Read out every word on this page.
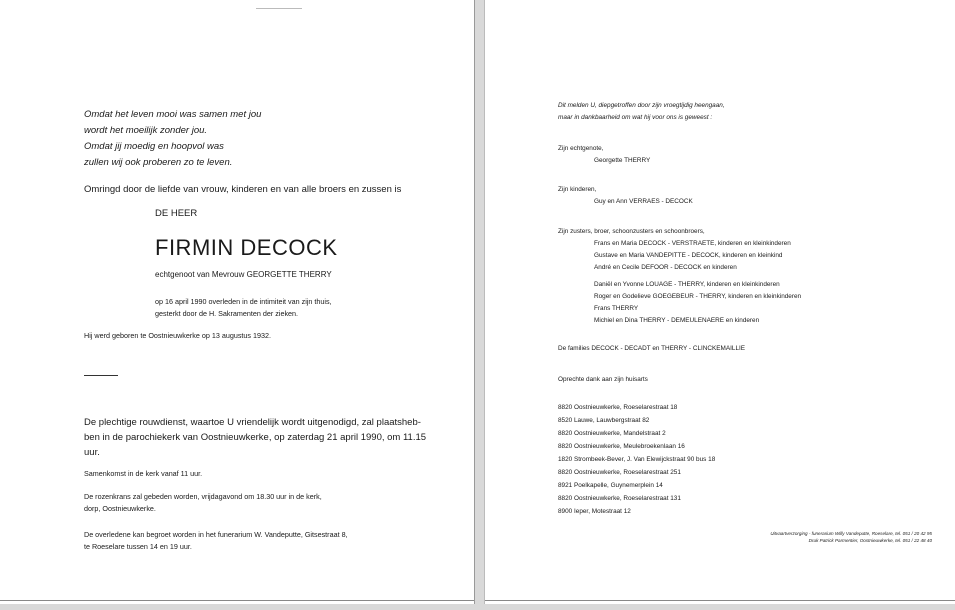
Omdat het leven mooi was samen met jou
wordt het moeilijk zonder jou.
Omdat jij moedig en hoopvol was
zullen wij ook proberen zo te leven.
Omringd door de liefde van vrouw, kinderen en van alle broers en zussen is
DE HEER
FIRMIN DECOCK
echtgenoot van Mevrouw GEORGETTE THERRY
op 16 april 1990 overleden in de intimiteit van zijn thuis,
gesterkt door de H. Sakramenten der zieken.
Hij werd geboren te Oostnieuwkerke op 13 augustus 1932.
De plechtige rouwdienst, waartoe U vriendelijk wordt uitgenodigd, zal plaatsheb-
ben in de parochiekerk van Oostnieuwkerke, op zaterdag 21 april 1990, om 11.15
uur.
Samenkomst in de kerk vanaf 11 uur.
De rozenkrans zal gebeden worden, vrijdagavond om 18.30 uur in de kerk,
dorp, Oostnieuwkerke.
De overledene kan begroet worden in het funerarium W. Vandeputte, Gitsestraat 8,
te Roeselare tussen 14 en 19 uur.
Dit melden U, diepgetroffen door zijn vroegtijdig heengaan,
maar in dankbaarheid om wat hij voor ons is geweest :
Zijn echtgenote,
Georgette THERRY
Zijn kinderen,
Guy en Ann VERRAES - DECOCK
Zijn zusters, broer, schoonzusters en schoonbroers,
Frans en Maria DECOCK - VERSTRAETE, kinderen en kleinkinderen
Gustave en Maria VANDEPITTE - DECOCK, kinderen en kleinkind
André en Cecile DEFOOR - DECOCK en kinderen
Daniël en Yvonne LOUAGE - THERRY, kinderen en kleinkinderen
Roger en Godelieve GOEGEBEUR - THERRY, kinderen en kleinkinderen
Frans THERRY
Michiel en Dina THERRY - DEMEULENAERE en kinderen
De families DECOCK - DECADT en THERRY - CLINCKEMAILLIE
Oprechte dank aan zijn huisarts
8820 Oostnieuwkerke, Roeselarestraat 18
8520 Lauwe, Lauwbergstraat 82
8820 Oostnieuwkerke, Mandelstraat 2
8820 Oostnieuwkerke, Meulebroekenlaan 16
1820 Strombeek-Bever, J. Van Elewijckstraat 90 bus 18
8820 Oostnieuwkerke, Roeselarestraat 251
8921 Poelkapelle, Guynemerplein 14
8820 Oostnieuwkerke, Roeselarestraat 131
8900 Ieper, Motestraat 12
Uitvaartverzorging - funerarium Willy Vandeputte, Roeselare, tel. 051 / 20 42 95
Druk Patrick Parmentier, Oostnieuwkerke, tel. 051 / 22 48 40
